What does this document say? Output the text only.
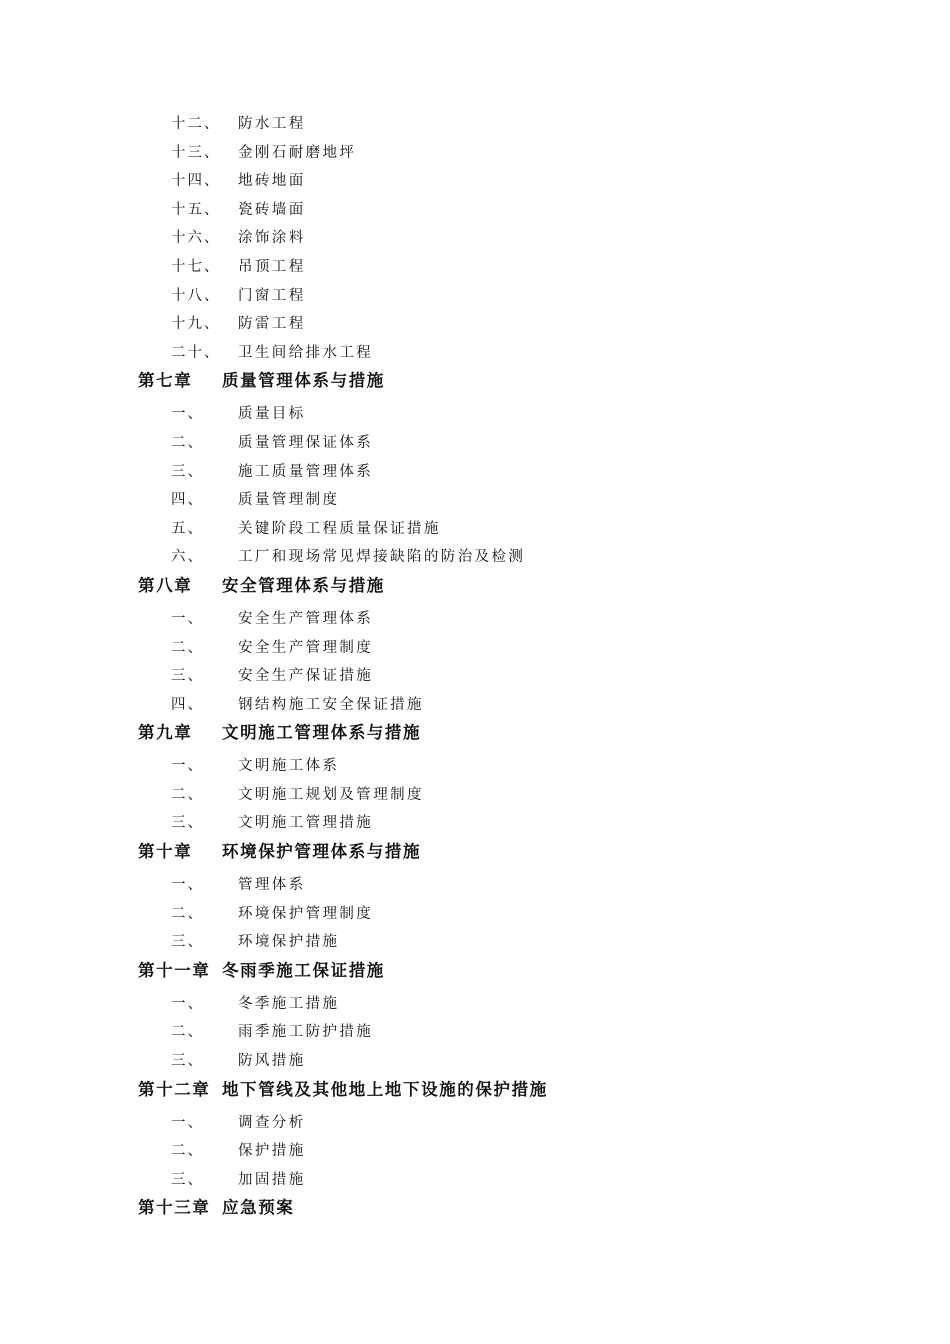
十二、 防水工程
十三、 金刚石耐磨地坪
十四、 地砖地面
十五、 瓷砖墙面
十六、 涂饰涂料
十七、 吊顶工程
十八、 门窗工程
十九、 防雷工程
二十、 卫生间给排水工程
第七章 质量管理体系与措施
一、 质量目标
二、 质量管理保证体系
三、 施工质量管理体系
四、 质量管理制度
五、 关键阶段工程质量保证措施
六、 工厂和现场常见焊接缺陷的防治及检测
第八章 安全管理体系与措施
一、 安全生产管理体系
二、 安全生产管理制度
三、 安全生产保证措施
四、 钢结构施工安全保证措施
第九章 文明施工管理体系与措施
一、 文明施工体系
二、 文明施工规划及管理制度
三、 文明施工管理措施
第十章 环境保护管理体系与措施
一、 管理体系
二、 环境保护管理制度
三、 环境保护措施
第十一章 冬雨季施工保证措施
一、 冬季施工措施
二、 雨季施工防护措施
三、 防风措施
第十二章 地下管线及其他地上地下设施的保护措施
一、 调查分析
二、 保护措施
三、 加固措施
第十三章 应急预案
